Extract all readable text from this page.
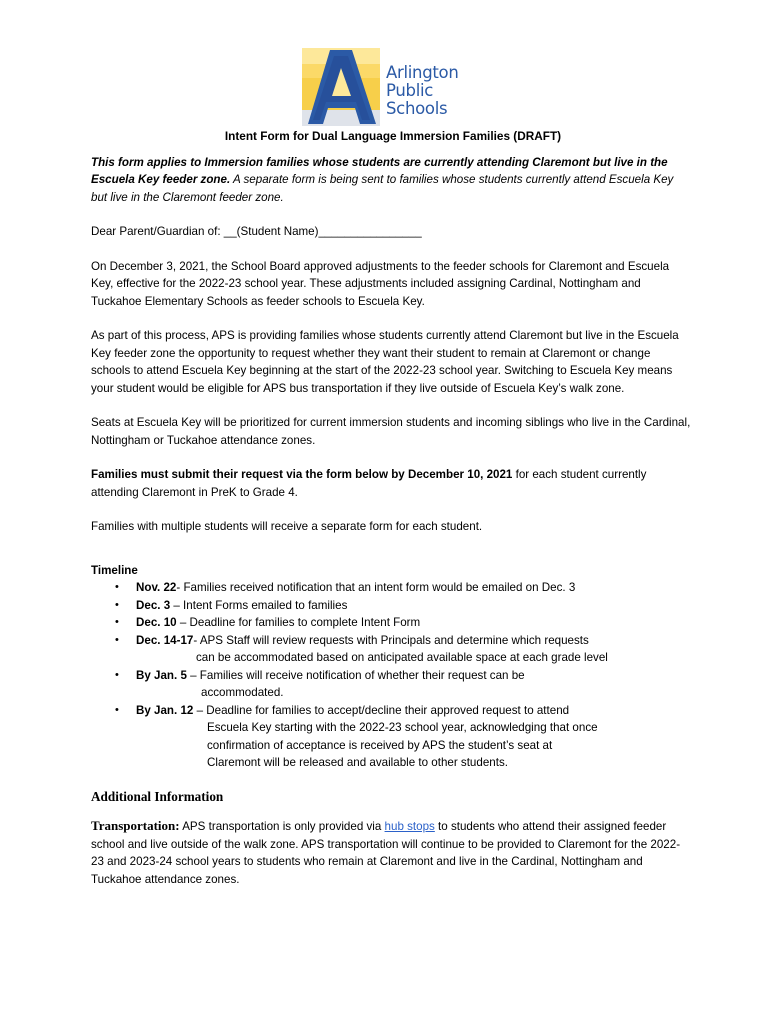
Arlington
Public
Schools
Intent Form for Dual Language Immersion Families (DRAFT)

This form applies to Immersion families whose students are currently attending Claremont but live in the Escuela Key feeder zone. A separate form is being sent to families whose students currently attend Escuela Key but live in the Claremont feeder zone.

Dear Parent/Guardian of: __(Student Name)________________

On December 3, 2021, the School Board approved adjustments to the feeder schools for Claremont and Escuela Key, effective for the 2022-23 school year. These adjustments included assigning Cardinal, Nottingham and Tuckahoe Elementary Schools as feeder schools to Escuela Key.

As part of this process, APS is providing families whose students currently attend Claremont but live in the Escuela Key feeder zone the opportunity to request whether they want their student to remain at Claremont or change schools to attend Escuela Key beginning at the start of the 2022-23 school year. Switching to Escuela Key means your student would be eligible for APS bus transportation if they live outside of Escuela Key’s walk zone.

Seats at Escuela Key will be prioritized for current immersion students and incoming siblings who live in the Cardinal, Nottingham or Tuckahoe attendance zones.

Families must submit their request via the form below by December 10, 2021 for each student currently attending Claremont in PreK to Grade 4.

Families with multiple students will receive a separate form for each student.

Timeline
• Nov. 22- Families received notification that an intent form would be emailed on Dec. 3
• Dec. 3 – Intent Forms emailed to families
• Dec. 10 – Deadline for families to complete Intent Form
• Dec. 14-17- APS Staff will review requests with Principals and determine which requests
can be accommodated based on anticipated available space at each grade level
• By Jan. 5 – Families will receive notification of whether their request can be
accommodated.
• By Jan. 12 – Deadline for families to accept/decline their approved request to attend
Escuela Key starting with the 2022-23 school year, acknowledging that once
confirmation of acceptance is received by APS the student’s seat at
Claremont will be released and available to other students.
Additional Information

Transportation: APS transportation is only provided via hub stops to students who attend their assigned feeder school and live outside of the walk zone. APS transportation will continue to be provided to Claremont for the 2022-23 and 2023-24 school years to students who remain at Claremont and live in the Cardinal, Nottingham and Tuckahoe attendance zones.
